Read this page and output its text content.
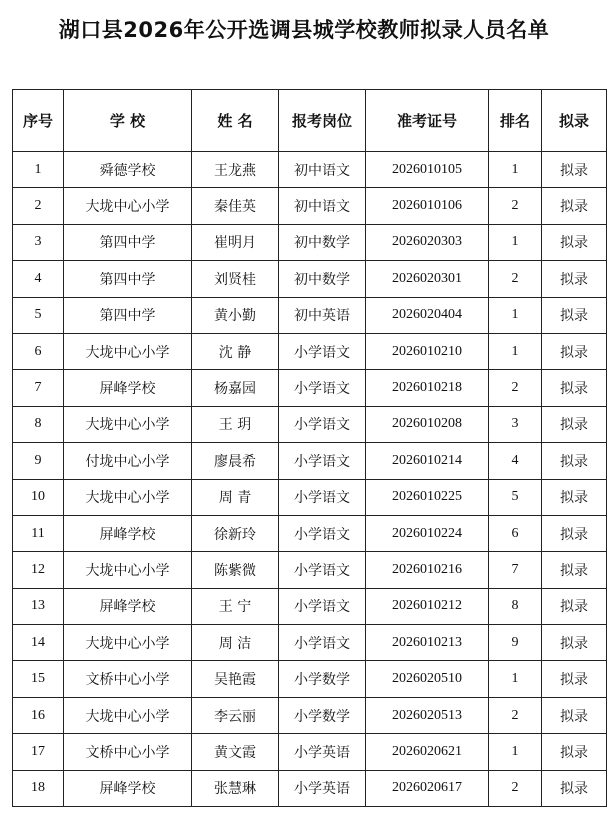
湖口县2026年公开选调县城学校教师拟录人员名单
序号	学 校	姓 名	报考岗位	准考证号	排名	拟录
1	舜德学校	王龙燕	初中语文	2026010105	1	拟录
2	大垅中心小学	秦佳英	初中语文	2026010106	2	拟录
3	第四中学	崔明月	初中数学	2026020303	1	拟录
4	第四中学	刘贤桂	初中数学	2026020301	2	拟录
5	第四中学	黄小勤	初中英语	2026020404	1	拟录
6	大垅中心小学	沈 静	小学语文	2026010210	1	拟录
7	屏峰学校	杨嘉园	小学语文	2026010218	2	拟录
8	大垅中心小学	王 玥	小学语文	2026010208	3	拟录
9	付垅中心小学	廖晨希	小学语文	2026010214	4	拟录
10	大垅中心小学	周 青	小学语文	2026010225	5	拟录
11	屏峰学校	徐新玲	小学语文	2026010224	6	拟录
12	大垅中心小学	陈紫微	小学语文	2026010216	7	拟录
13	屏峰学校	王 宁	小学语文	2026010212	8	拟录
14	大垅中心小学	周 洁	小学语文	2026010213	9	拟录
15	文桥中心小学	吴艳霞	小学数学	2026020510	1	拟录
16	大垅中心小学	李云丽	小学数学	2026020513	2	拟录
17	文桥中心小学	黄文霞	小学英语	2026020621	1	拟录
18	屏峰学校	张慧琳	小学英语	2026020617	2	拟录
